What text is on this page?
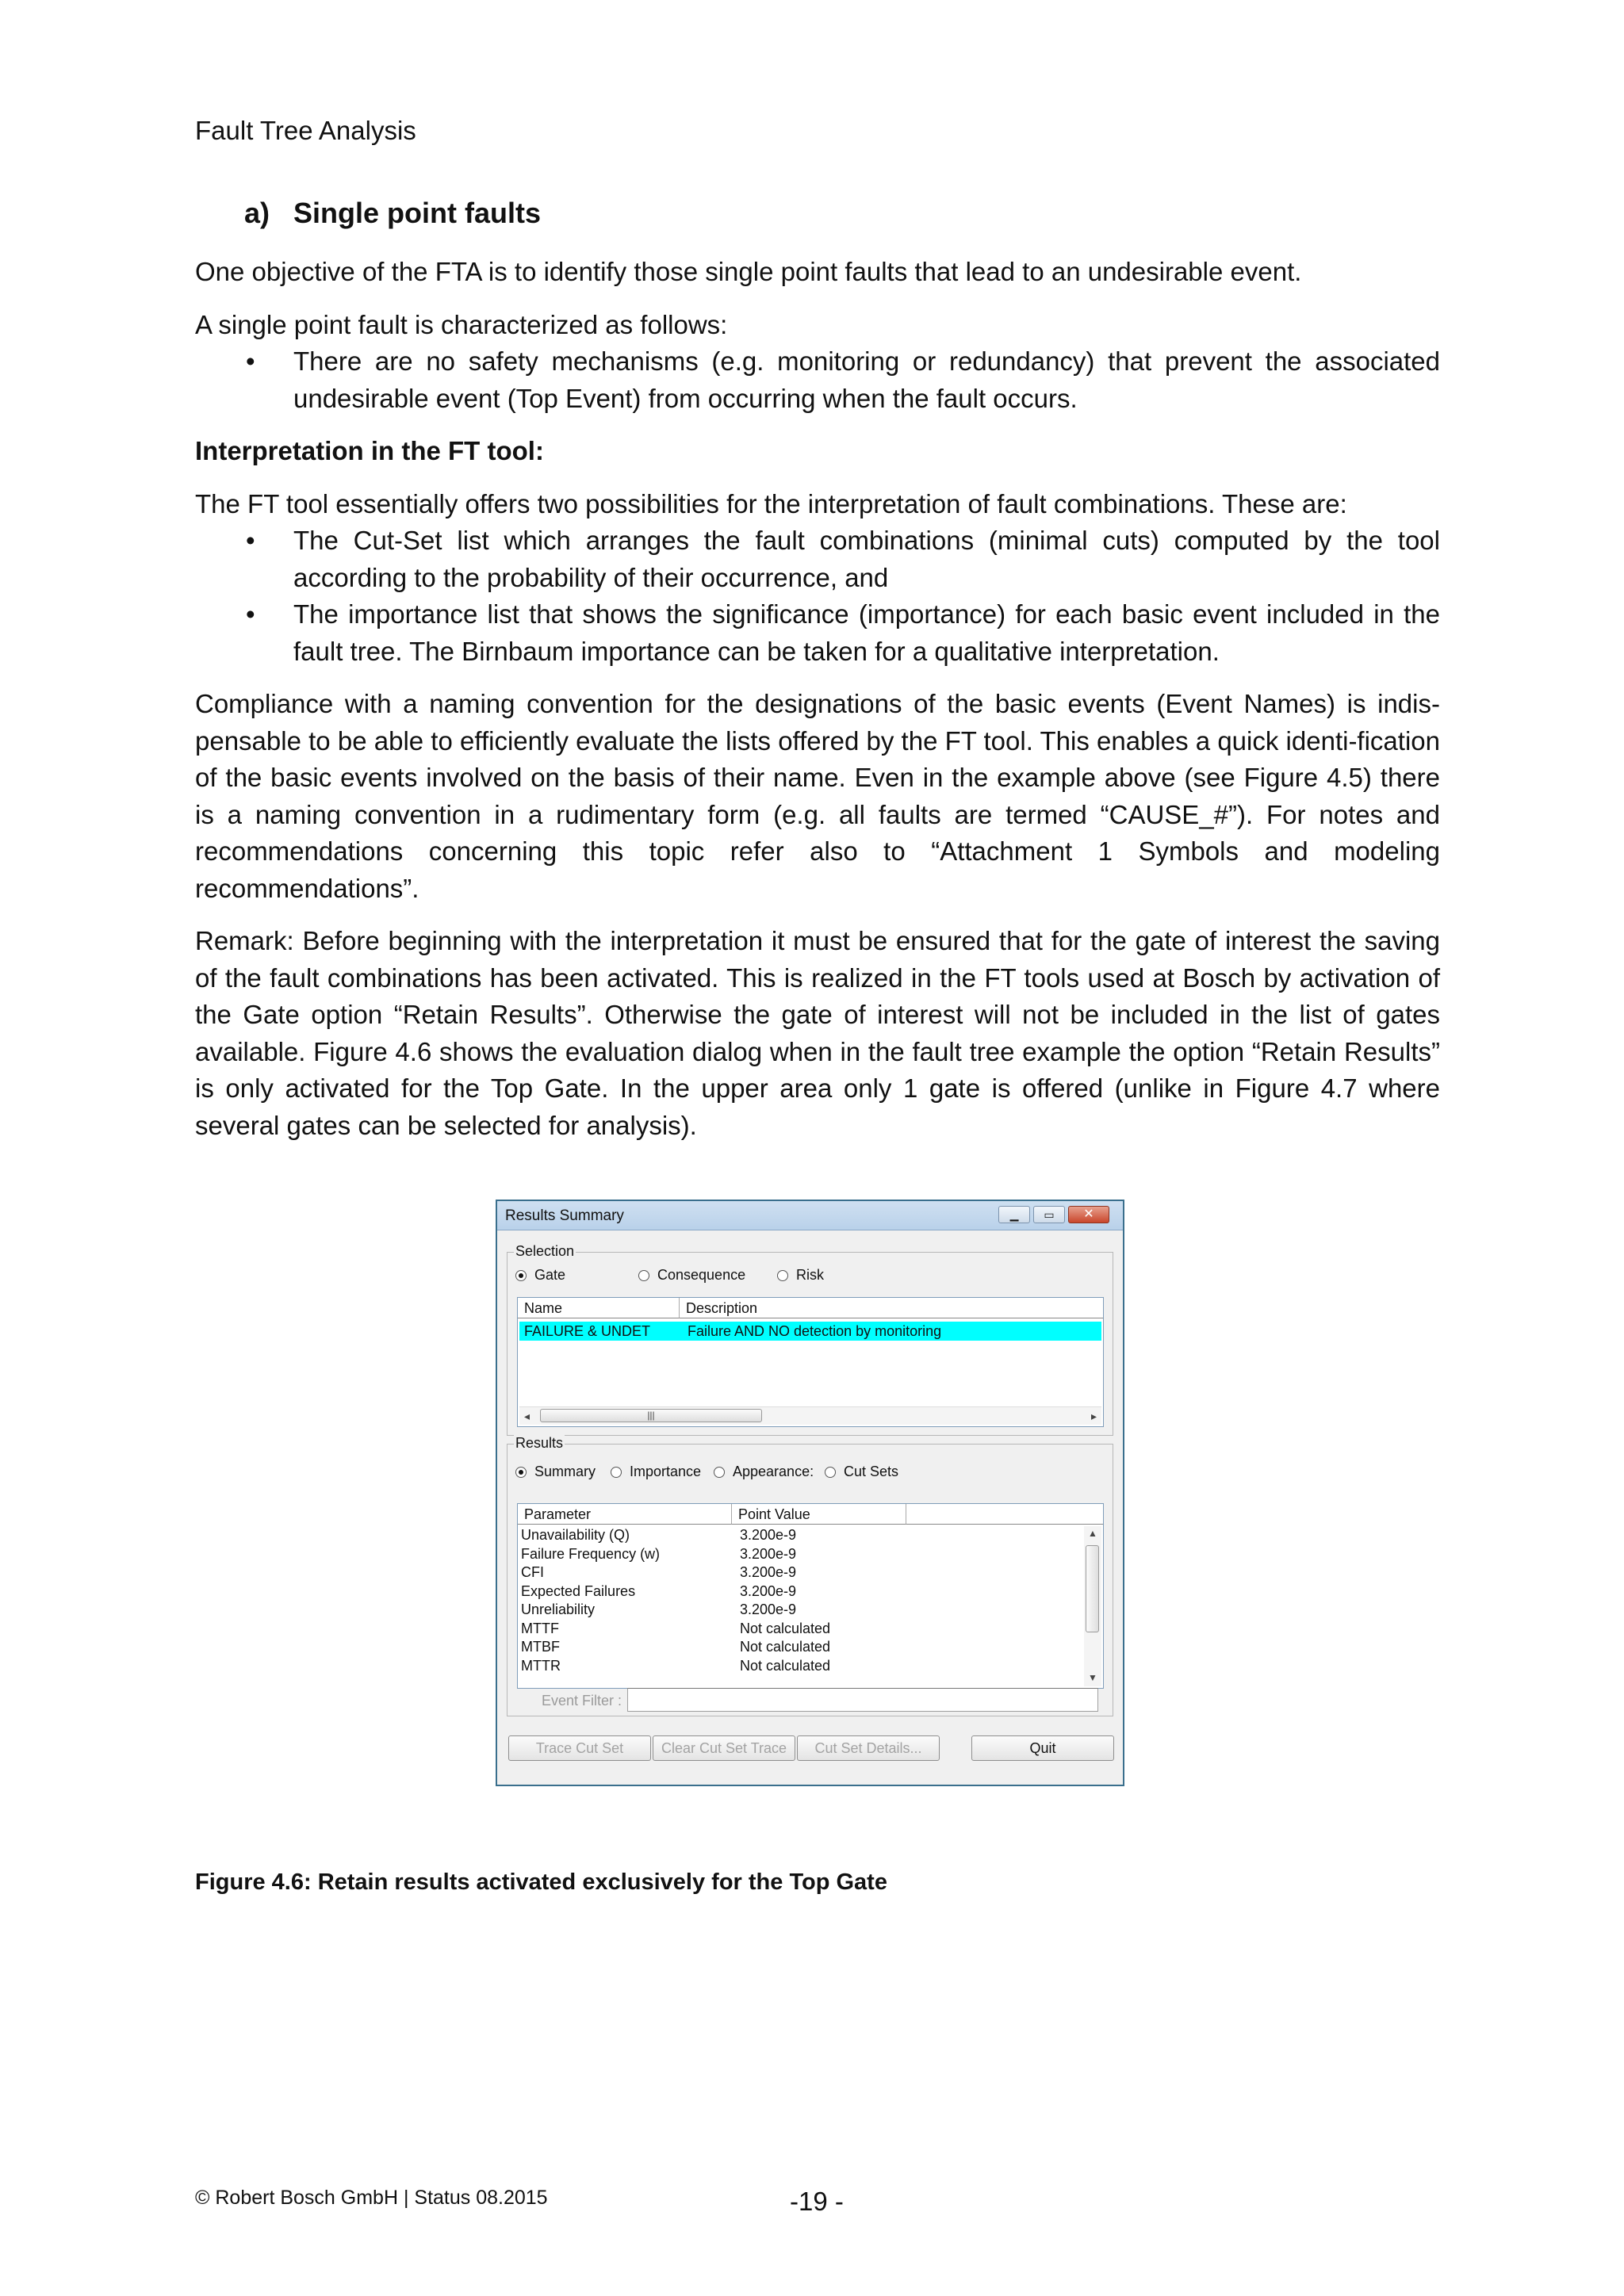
Fault Tree Analysis
a) Single point faults

One objective of the FTA is to identify those single point faults that lead to an undesirable event.

A single point fault is characterized as follows:

• There are no safety mechanisms (e.g. monitoring or redundancy) that prevent the associated undesirable event (Top Event) from occurring when the fault occurs.

Interpretation in the FT tool:

The FT tool essentially offers two possibilities for the interpretation of fault combinations. These are:

• The Cut-Set list which arranges the fault combinations (minimal cuts) computed by the tool according to the probability of their occurrence, and
• The importance list that shows the significance (importance) for each basic event included in the fault tree. The Birnbaum importance can be taken for a qualitative interpretation.

Compliance with a naming convention for the designations of the basic events (Event Names) is indis-pensable to be able to efficiently evaluate the lists offered by the FT tool. This enables a quick identi-fication of the basic events involved on the basis of their name. Even in the example above (see Figure 4.5) there is a naming convention in a rudimentary form (e.g. all faults are termed “CAUSE_#”). For notes and recommendations concerning this topic refer also to “Attachment 1 Symbols and modeling recommendations”.

Remark: Before beginning with the interpretation it must be ensured that for the gate of interest the saving of the fault combinations has been activated. This is realized in the FT tools used at Bosch by activation of the Gate option “Retain Results”. Otherwise the gate of interest will not be included in the list of gates available. Figure 4.6 shows the evaluation dialog when in the fault tree example the option “Retain Results” is only activated for the Top Gate. In the upper area only 1 gate is offered (unlike in Figure 4.7 where several gates can be selected for analysis).

Results Summary	▁	▭	✕
Selection
Gate	Consequence	Risk
Name	Description
FAILURE & UNDET	Failure AND NO detection by monitoring
◂	|||	▸
Results
Summary	Importance	Appearance:	Cut Sets
Parameter	Point Value
Unavailability (Q)	3.200e-9
Failure Frequency (w)	3.200e-9
CFI	3.200e-9
Expected Failures	3.200e-9
Unreliability	3.200e-9
MTTF	Not calculated
MTBF	Not calculated
MTTR	Not calculated
▲
▼
Event Filter :
Trace Cut Set	Clear Cut Set Trace	Cut Set Details...	Quit
Figure 4.6: Retain results activated exclusively for the Top Gate
© Robert Bosch GmbH | Status 08.2015	-19 -
